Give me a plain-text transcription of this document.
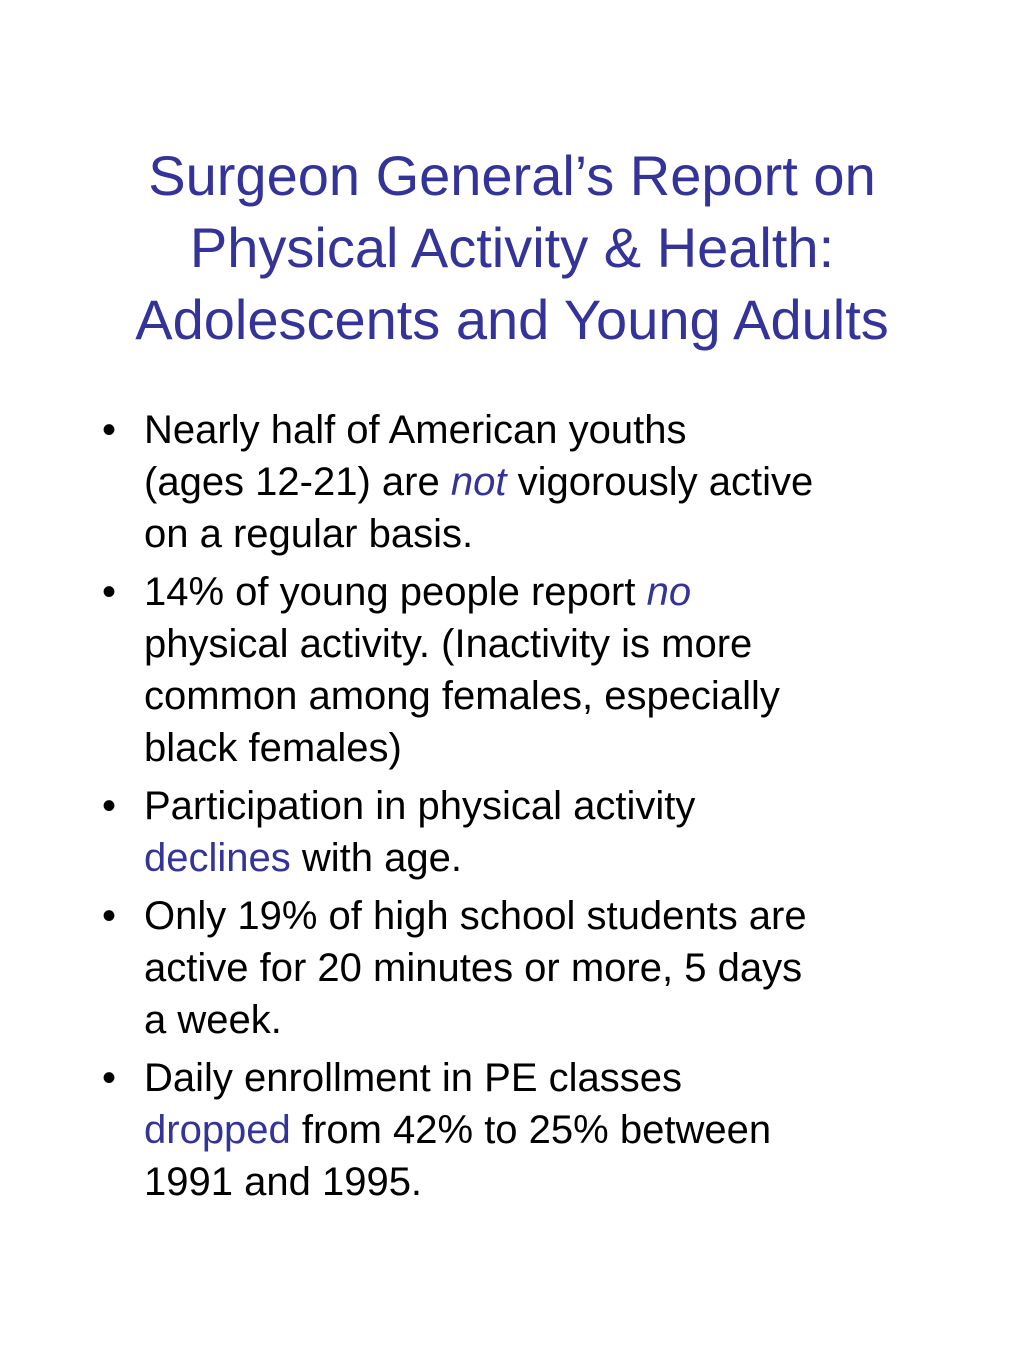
Surgeon General’s Report on
Physical Activity & Health:
Adolescents and Young Adults
• Nearly half of American youths
(ages 12-21) are not vigorously active
on a regular basis.
• 14% of young people report no
physical activity. (Inactivity is more
common among females, especially
black females)
• Participation in physical activity
declines with age.
• Only 19% of high school students are
active for 20 minutes or more, 5 days
a week.
• Daily enrollment in PE classes
dropped from 42% to 25% between
1991 and 1995.
